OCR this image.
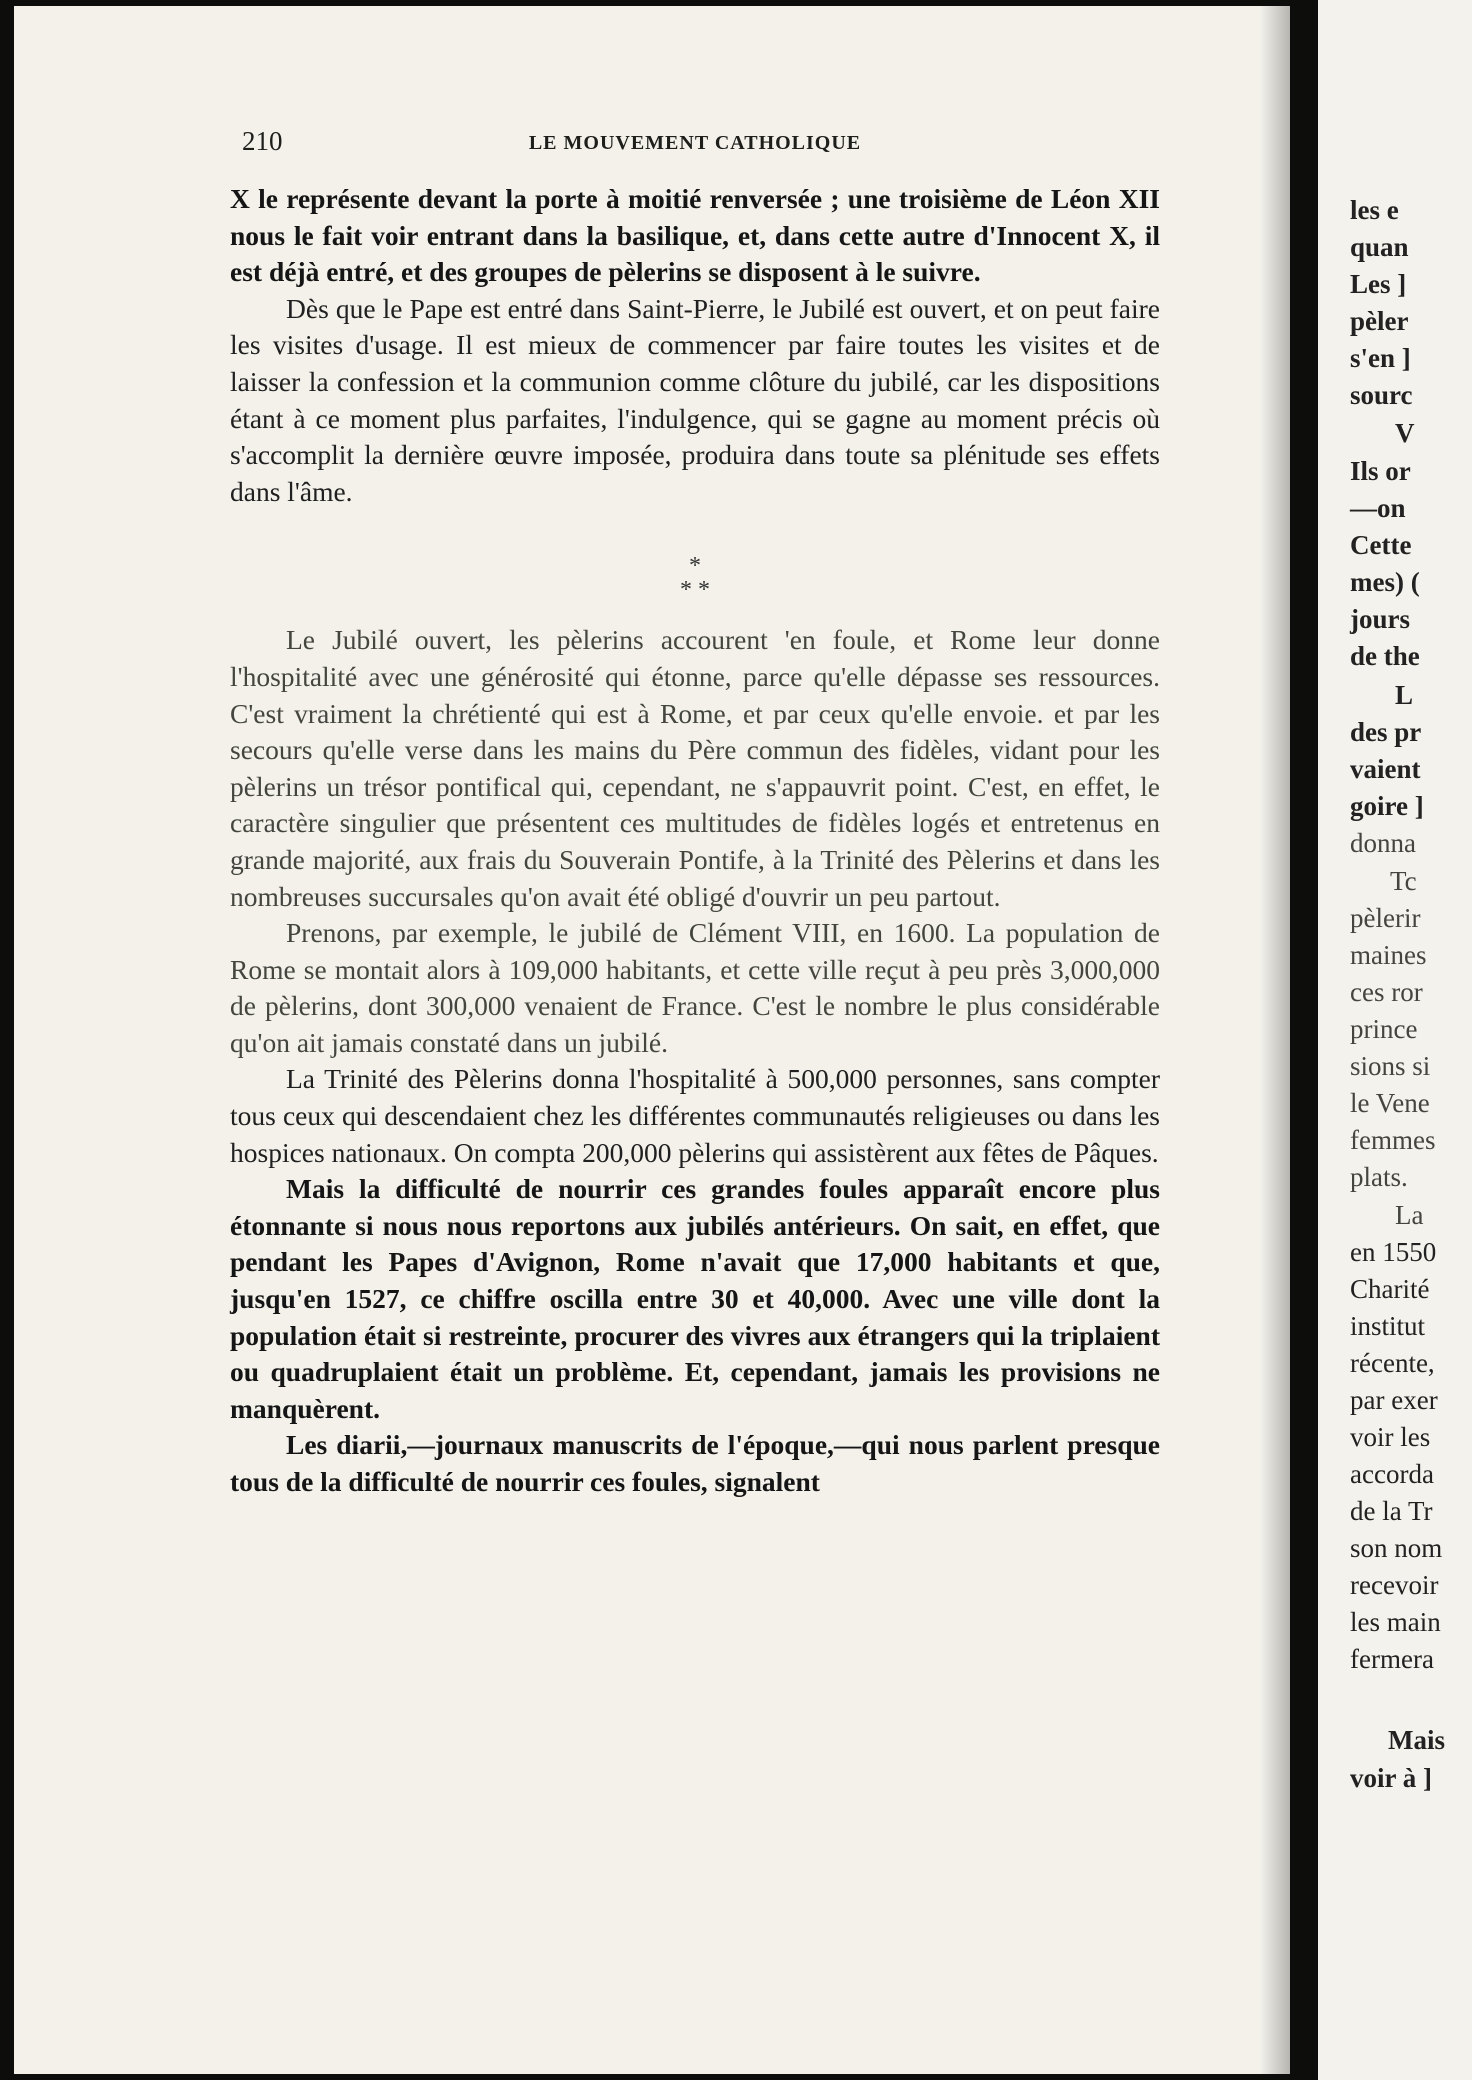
210	LE MOUVEMENT CATHOLIQUE

X le représente devant la porte à moitié renversée ; une troisième de Léon XII nous le fait voir entrant dans la basilique, et, dans cette autre d'Innocent X, il est déjà entré, et des groupes de pèlerins se disposent à le suivre.

Dès que le Pape est entré dans Saint-Pierre, le Jubilé est ouvert, et on peut faire les visites d'usage. Il est mieux de commencer par faire toutes les visites et de laisser la confession et la communion comme clôture du jubilé, car les dispositions étant à ce moment plus parfaites, l'indulgence, qui se gagne au moment précis où s'accomplit la dernière œuvre imposée, produira dans toute sa plénitude ses effets dans l'âme.

*
* *

Le Jubilé ouvert, les pèlerins accourent 'en foule, et Rome leur donne l'hospitalité avec une générosité qui étonne, parce qu'elle dépasse ses ressources. C'est vraiment la chrétienté qui est à Rome, et par ceux qu'elle envoie. et par les secours qu'elle verse dans les mains du Père commun des fidèles, vidant pour les pèlerins un trésor pontifical qui, cependant, ne s'appauvrit point. C'est, en effet, le caractère singulier que présentent ces multitudes de fidèles logés et entretenus en grande majorité, aux frais du Souverain Pontife, à la Trinité des Pèlerins et dans les nombreuses succursales qu'on avait été obligé d'ouvrir un peu partout.

Prenons, par exemple, le jubilé de Clément VIII, en 1600. La population de Rome se montait alors à 109,000 habitants, et cette ville reçut à peu près 3,000,000 de pèlerins, dont 300,000 venaient de France. C'est le nombre le plus considérable qu'on ait jamais constaté dans un jubilé.

La Trinité des Pèlerins donna l'hospitalité à 500,000 personnes, sans compter tous ceux qui descendaient chez les différentes communautés religieuses ou dans les hospices nationaux. On compta 200,000 pèlerins qui assistèrent aux fêtes de Pâques.

Mais la difficulté de nourrir ces grandes foules apparaît encore plus étonnante si nous nous reportons aux jubilés antérieurs. On sait, en effet, que pendant les Papes d'Avignon, Rome n'avait que 17,000 habitants et que, jusqu'en 1527, ce chiffre oscilla entre 30 et 40,000. Avec une ville dont la population était si restreinte, procurer des vivres aux étrangers qui la triplaient ou quadruplaient était un problème. Et, cependant, jamais les provisions ne manquèrent.

Les diarii,—journaux manuscrits de l'époque,—qui nous parlent presque tous de la difficulté de nourrir ces foules, signalent

les e
quan
Les ]
pèler
s'en ]
sourc
V
Ils or
—on
Cette
mes) (
jours
de the
L
des pr
vaient
goire ]
donna
Tc
pèlerir
maines
ces ror
prince
sions si
le Vene
femmes
plats.
La
en 1550
Charité
institut
récente,
par exer
voir les
accorda
de la Tr
son nom
recevoir
les main
fermera
Mais
voir à ]
